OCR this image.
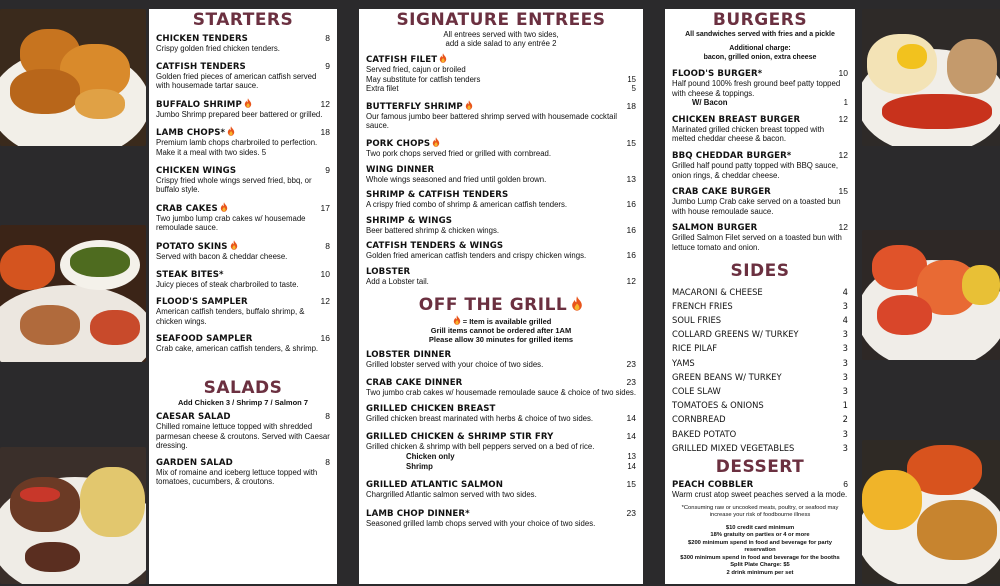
STARTERS
CHICKEN TENDERS	8
Crispy golden fried chicken tenders.
CATFISH TENDERS	9
Golden fried pieces of american catfish served with housemade tartar sauce.
BUFFALO SHRIMP	12
Jumbo Shrimp prepared beer battered or grilled.
LAMB CHOPS*	18
Premium lamb chops charbroiled to perfection. Make it a meal with two sides. 5
CHICKEN WINGS	9
Crispy fried whole wings served fried, bbq, or buffalo style.
CRAB CAKES	17
Two jumbo lump crab cakes w/ housemade remoulade sauce.
POTATO SKINS	8
Served with bacon & cheddar cheese.
STEAK BITES*	10
Juicy pieces of steak charbroiled to taste.
FLOOD'S SAMPLER	12
American catfish tenders, buffalo shrimp, & chicken wings.
SEAFOOD SAMPLER	16
Crab cake, american catfish tenders, & shrimp.
SALADS
Add Chicken 3 / Shrimp 7 / Salmon 7
CAESAR SALAD	8
Chilled romaine lettuce topped with shredded parmesan cheese & croutons. Served with Caesar dressing.
GARDEN SALAD	8
Mix of romaine and iceberg lettuce topped with tomatoes, cucumbers, & croutons.
SIGNATURE ENTREES
All entrees served with two sides,
add a side salad to any entrée 2
CATFISH FILET
Served fried, cajun or broiled
May substitute for catfish tenders	15
Extra filet	5
BUTTERFLY SHRIMP	18
Our famous jumbo beer battered shrimp served with housemade cocktail sauce.
PORK CHOPS	15
Two pork chops served fried or grilled with cornbread.
WING DINNER
Whole wings seasoned and fried until golden brown.	13
SHRIMP & CATFISH TENDERS
A crispy fried combo of shrimp & american catfish tenders.	16
SHRIMP & WINGS
Beer battered shrimp & chicken wings.	16
CATFISH TENDERS & WINGS
Golden fried american catfish tenders and crispy chicken wings.	16
LOBSTER
Add a Lobster tail.	12
OFF THE GRILL
= Item is available grilled
Grill items cannot be ordered after 1AM
Please allow 30 minutes for grilled items
LOBSTER DINNER
Grilled lobster served with your choice of two sides.	23
CRAB CAKE DINNER	23
Two jumbo crab cakes w/ housemade remoulade sauce & choice of two sides.
GRILLED CHICKEN BREAST
Grilled chicken breast marinated with herbs & choice of two sides.	14
GRILLED CHICKEN & SHRIMP STIR FRY	14
Grilled chicken & shrimp with bell peppers served on a bed of rice.
Chicken only	13
Shrimp	14
GRILLED ATLANTIC SALMON	15
Chargrilled Atlantic salmon served with two sides.
LAMB CHOP DINNER*	23
Seasoned grilled lamb chops served with your choice of two sides.
BURGERS
All sandwiches served with fries and a pickle
Additional charge:
bacon, grilled onion, extra cheese
FLOOD'S BURGER*	10
Half pound 100% fresh ground beef patty topped with cheese & toppings.
W/ Bacon	1
CHICKEN BREAST BURGER	12
Marinated grilled chicken breast topped with melted cheddar cheese & bacon.
BBQ CHEDDAR BURGER*	12
Grilled half pound patty topped with BBQ sauce, onion rings, & cheddar cheese.
CRAB CAKE BURGER	15
Jumbo Lump Crab cake served on a toasted bun with house remoulade sauce.
SALMON BURGER	12
Grilled Salmon Filet served on a toasted bun with lettuce tomato and onion.
SIDES
MACARONI & CHEESE	4
FRENCH FRIES	3
SOUL FRIES	4
COLLARD GREENS W/ TURKEY	3
RICE PILAF	3
YAMS	3
GREEN BEANS W/ TURKEY	3
COLE SLAW	3
TOMATOES & ONIONS	1
CORNBREAD	2
BAKED POTATO	3
GRILLED MIXED VEGETABLES	3
DESSERT
PEACH COBBLER	6
Warm crust atop sweet peaches served a la mode.
*Consuming raw or uncooked meats, poultry, or seafood may increase your risk of foodbourne illness
$10 credit card minimum
18% gratuity on parties or 4 or more
$200 minimum spend in food and beverage for party reservation
$300 minimum spend in food and beverage for the booths
Split Plate Charge: $5
2 drink minimum per set
